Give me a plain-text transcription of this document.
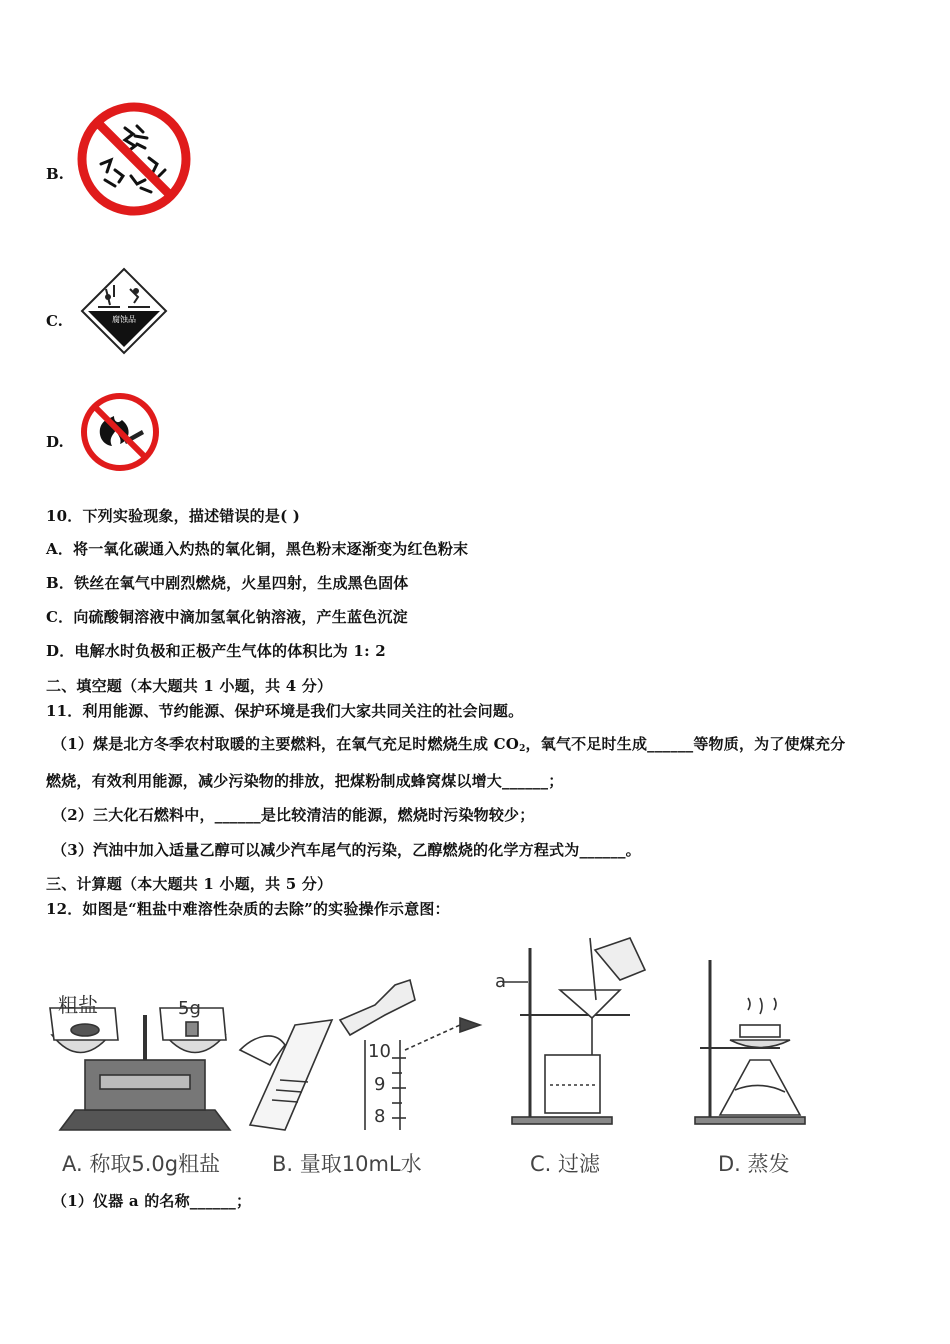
B.
C.	腐蚀品
D.
10．下列实验现象，描述错误的是( )
A．将一氧化碳通入灼热的氧化铜，黑色粉末逐渐变为红色粉末
B．铁丝在氧气中剧烈燃烧，火星四射，生成黑色固体
C．向硫酸铜溶液中滴加氢氧化钠溶液，产生蓝色沉淀
D．电解水时负极和正极产生气体的体积比为 1: 2
二、填空题（本大题共 1 小题，共 4 分）
11．利用能源、节约能源、保护环境是我们大家共同关注的社会问题。
（1）煤是北方冬季农村取暖的主要燃料，在氧气充足时燃烧生成 $CO_2$，氧气不足时生成______等物质，为了使煤充分
燃烧，有效利用能源，减少污染物的排放，把煤粉制成蜂窝煤以增大______；
（2）三大化石燃料中，______是比较清洁的能源，燃烧时污染物较少；
（3）汽油中加入适量乙醇可以减少汽车尾气的污染，乙醇燃烧的化学方程式为______。
三、计算题（本大题共 1 小题，共 5 分）
12．如图是“粗盐中难溶性杂质的去除”的实验操作示意图：
粗盐	5g
a
10
9
8
A. 称取5.0g粗盐 B. 量取10mL水	C. 过滤	D. 蒸发
（1）仪器 a 的名称______；
